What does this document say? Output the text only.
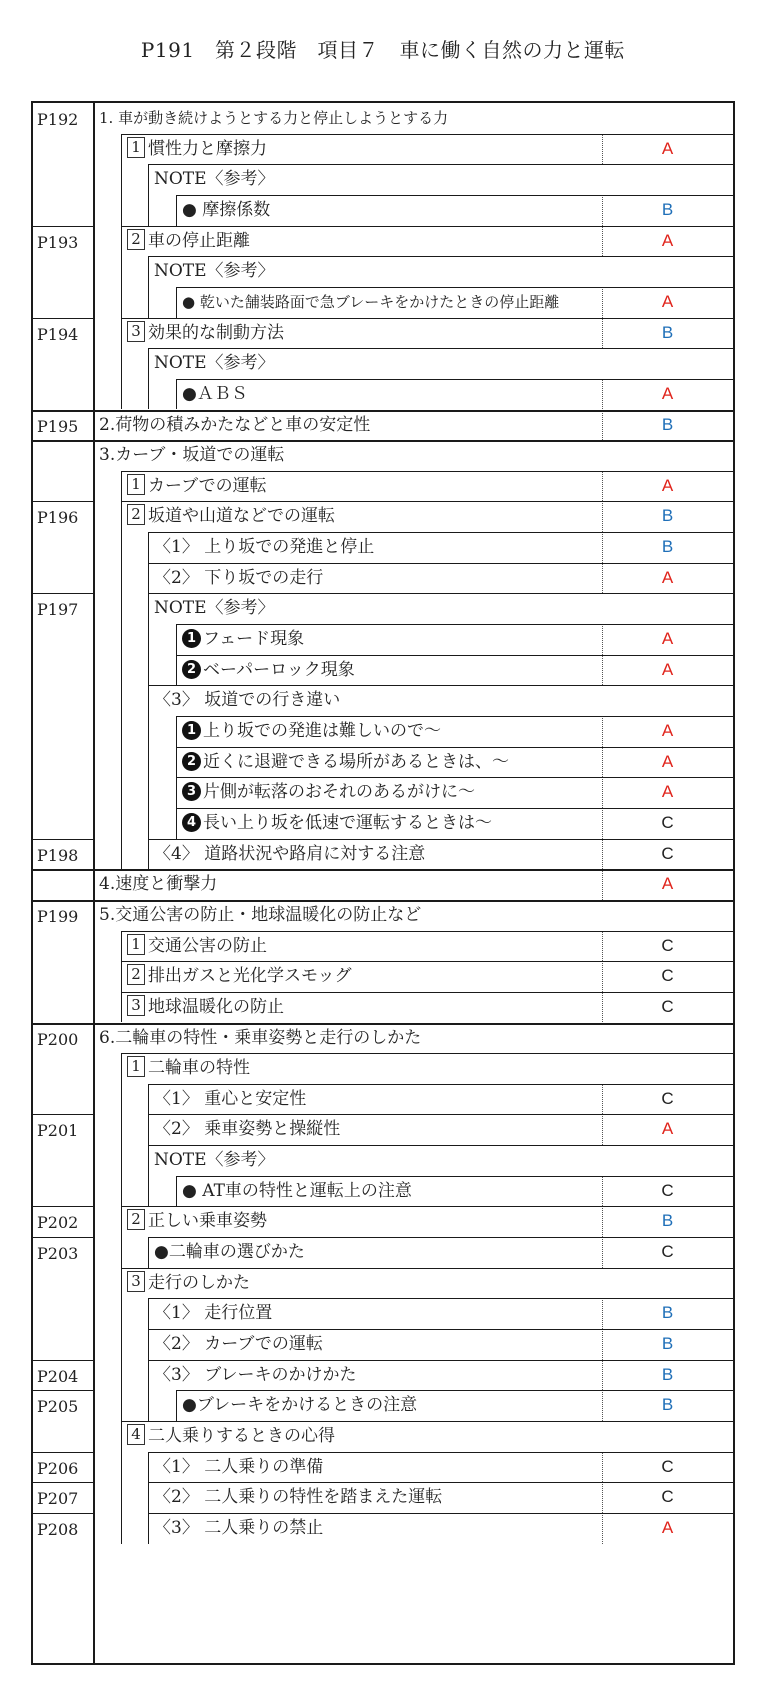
P191　第２段階　項目７　車に働く自然の力と運転
P192 1. 車が動き続けようとする力と停止しようとする力
1 慣性力と摩擦力	A
NOTE〈参考〉
● 摩擦係数	B
P193	2 車の停止距離	A
NOTE〈参考〉
● 乾いた舗装路面で急ブレーキをかけたときの停止距離	A
P194	3 効果的な制動方法	B
NOTE〈参考〉
●ＡＢＳ	A
P195 2.荷物の積みかたなどと車の安定性	B
3.カーブ・坂道での運転
1 カーブでの運転	A
P196	2 坂道や山道などでの運転	B
〈1〉 上り坂での発進と停止	B
〈2〉 下り坂での走行	A
P197	NOTE〈参考〉
1 フェード現象	A
2 ベーパーロック現象	A
〈3〉 坂道での行き違い
1 上り坂での発進は難しいので～	A
2 近くに退避できる場所があるときは、～	A
3 片側が転落のおそれのあるがけに～	A
4 長い上り坂を低速で運転するときは～	C
P198	〈4〉 道路状況や路肩に対する注意	C
4.速度と衝撃力	A
P199 5.交通公害の防止・地球温暖化の防止など
1 交通公害の防止	C
2 排出ガスと光化学スモッグ	C
3 地球温暖化の防止	C
P200 6.二輪車の特性・乗車姿勢と走行のしかた
1 二輪車の特性
〈1〉 重心と安定性	C
P201	〈2〉 乗車姿勢と操縦性	A
NOTE〈参考〉
● AT車の特性と運転上の注意	C
P202	2 正しい乗車姿勢	B
P203	●二輪車の選びかた	C
3 走行のしかた
〈1〉 走行位置	B
〈2〉 カーブでの運転	B
P204	〈3〉 ブレーキのかけかた	B
P205	●ブレーキをかけるときの注意	B
4 二人乗りするときの心得
P206	〈1〉 二人乗りの準備	C
P207	〈2〉 二人乗りの特性を踏まえた運転	C
P208	〈3〉 二人乗りの禁止	A
